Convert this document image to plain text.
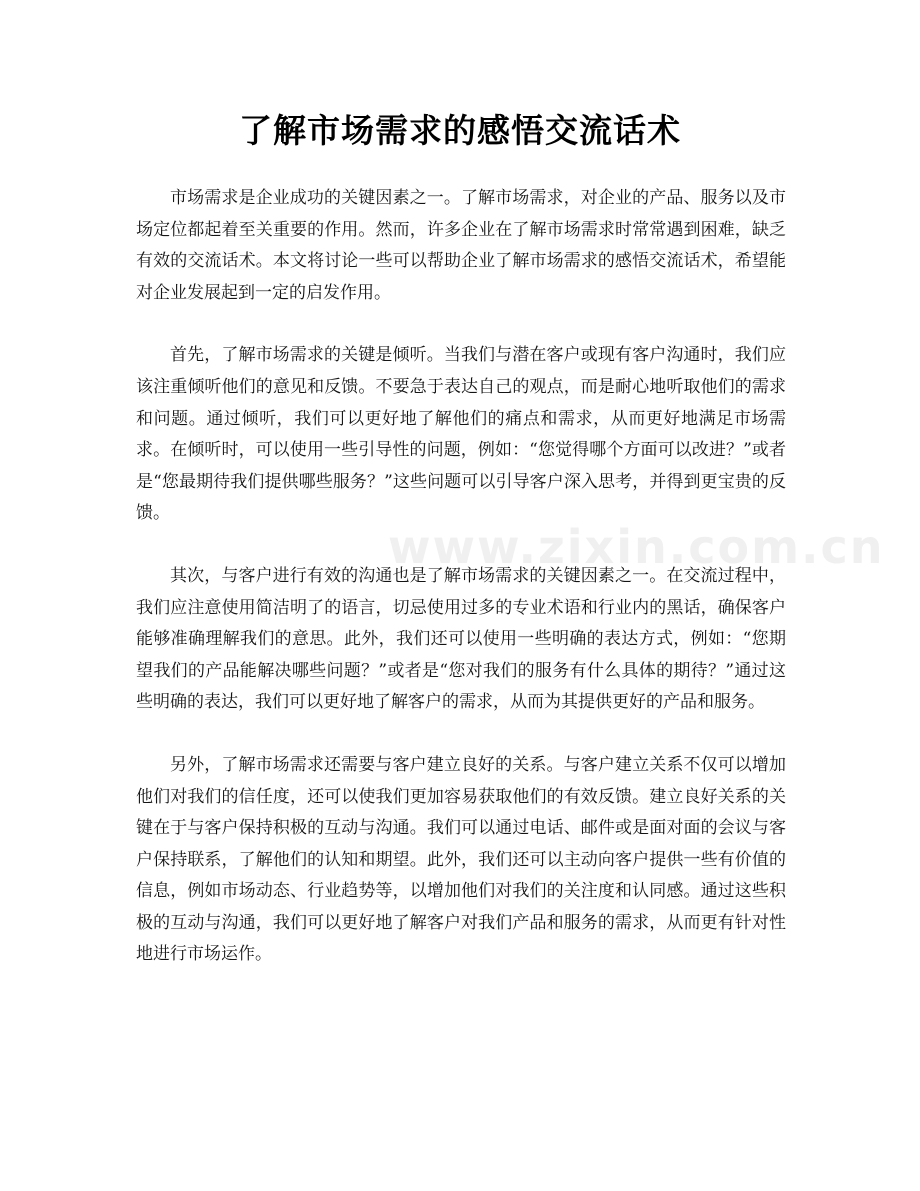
了解市场需求的感悟交流话术

市场需求是企业成功的关键因素之一。了解市场需求，对企业的产品、服务以及市场定位都起着至关重要的作用。然而，许多企业在了解市场需求时常常遇到困难，缺乏有效的交流话术。本文将讨论一些可以帮助企业了解市场需求的感悟交流话术，希望能对企业发展起到一定的启发作用。

首先，了解市场需求的关键是倾听。当我们与潜在客户或现有客户沟通时，我们应该注重倾听他们的意见和反馈。不要急于表达自己的观点，而是耐心地听取他们的需求和问题。通过倾听，我们可以更好地了解他们的痛点和需求，从而更好地满足市场需求。在倾听时，可以使用一些引导性的问题，例如：“您觉得哪个方面可以改进？”或者是“您最期待我们提供哪些服务？”这些问题可以引导客户深入思考，并得到更宝贵的反馈。

其次，与客户进行有效的沟通也是了解市场需求的关键因素之一。在交流过程中，我们应注意使用简洁明了的语言，切忌使用过多的专业术语和行业内的黑话，确保客户能够准确理解我们的意思。此外，我们还可以使用一些明确的表达方式，例如：“您期望我们的产品能解决哪些问题？”或者是“您对我们的服务有什么具体的期待？”通过这些明确的表达，我们可以更好地了解客户的需求，从而为其提供更好的产品和服务。

另外，了解市场需求还需要与客户建立良好的关系。与客户建立关系不仅可以增加他们对我们的信任度，还可以使我们更加容易获取他们的有效反馈。建立良好关系的关键在于与客户保持积极的互动与沟通。我们可以通过电话、邮件或是面对面的会议与客户保持联系，了解他们的认知和期望。此外，我们还可以主动向客户提供一些有价值的信息，例如市场动态、行业趋势等，以增加他们对我们的关注度和认同感。通过这些积极的互动与沟通，我们可以更好地了解客户对我们产品和服务的需求，从而更有针对性地进行市场运作。

www.zixin.com.cn
